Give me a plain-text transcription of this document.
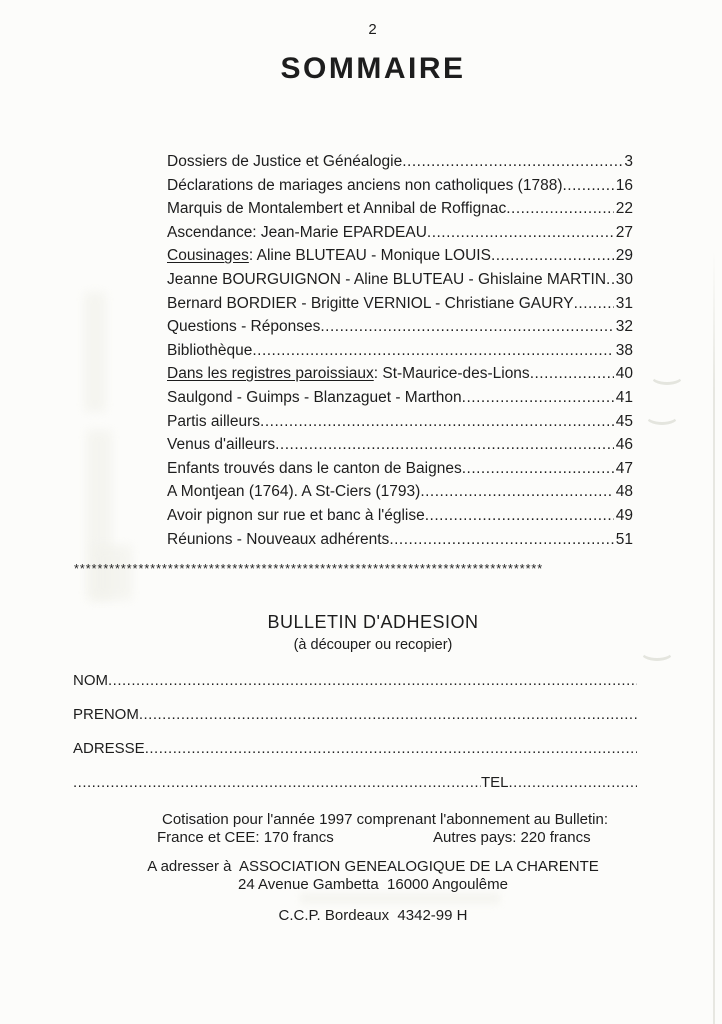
2
SOMMAIRE
Dossiers de Justice et Généalogie .....	3
Déclarations de mariages anciens non catholiques (1788) .....	16
Marquis de Montalembert et Annibal de Roffignac .....	22
Ascendance: Jean-Marie EPARDEAU .....	27
Cousinages: Aline BLUTEAU - Monique LOUIS .....	29
Jeanne BOURGUIGNON - Aline BLUTEAU - Ghislaine MARTIN ..... 30
Bernard BORDIER - Brigitte VERNIOL - Christiane GAURY .....	31
Questions - Réponses .....	32
Bibliothèque .....	38
Dans les registres paroissiaux: St-Maurice-des-Lions .....	40
Saulgond - Guimps - Blanzaguet - Marthon .....	41
Partis ailleurs .....	45
Venus d'ailleurs .....	46
Enfants trouvés dans le canton de Baignes .....	47
A Montjean (1764). A St-Ciers (1793) .....	48
Avoir pignon sur rue et banc à l'église .....	49
Réunions - Nouveaux adhérents .....	51
********************************************************************************
BULLETIN D'ADHESION
(à découper ou recopier)
NOM
.....
PRENOM
.....
ADRESSE
.....
.....
TEL
.....
Cotisation pour l'année 1997 comprenant l'abonnement au Bulletin:
France et CEE: 170 francs	Autres pays: 220 francs
A adresser à  ASSOCIATION GENEALOGIQUE DE LA CHARENTE
24 Avenue Gambetta  16000 Angoulême
C.C.P. Bordeaux  4342-99 H
